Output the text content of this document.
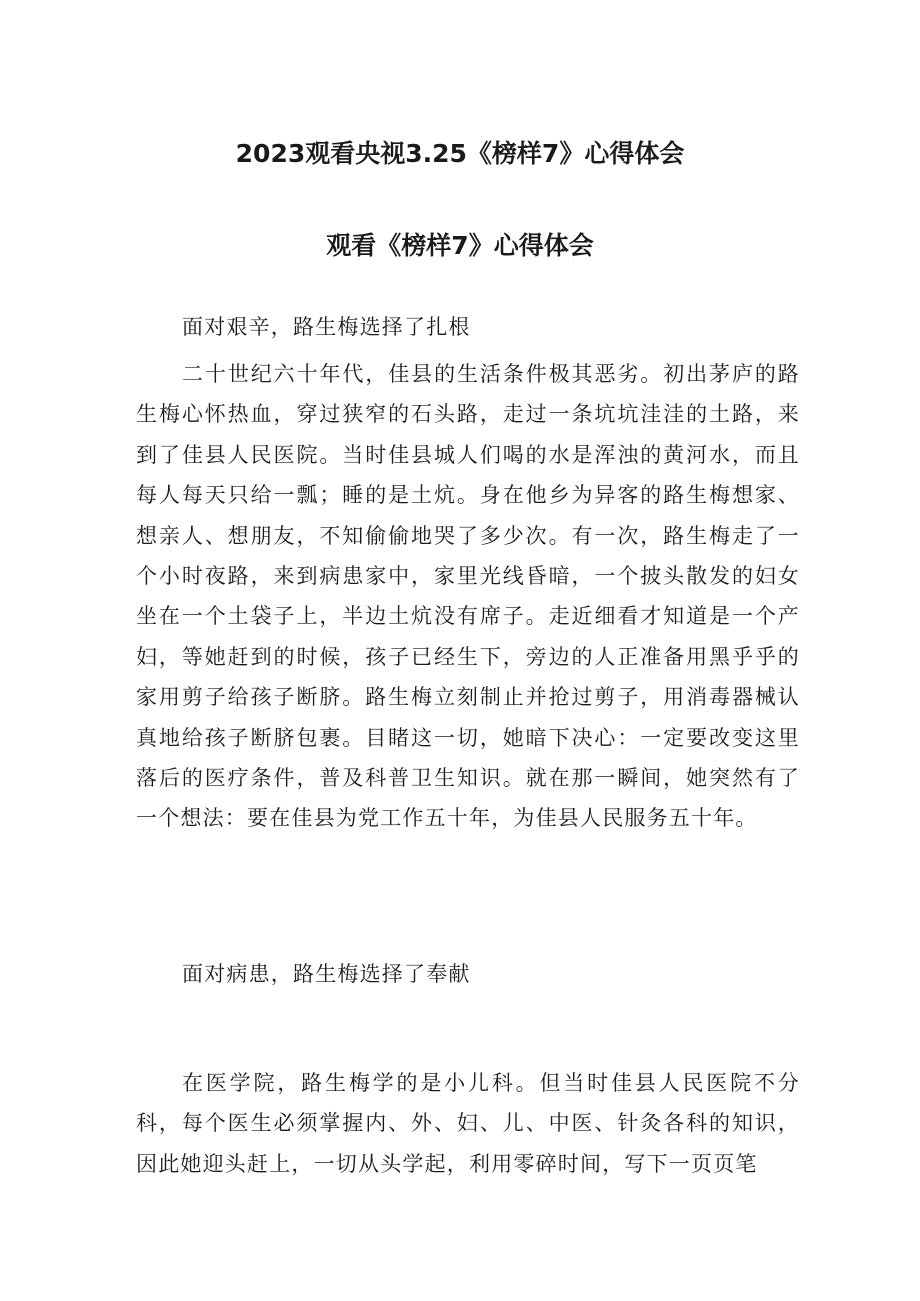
2023观看央视3.25《榜样7》心得体会
观看《榜样7》心得体会

面对艰辛，路生梅选择了扎根

二十世纪六十年代，佳县的生活条件极其恶劣。初出茅庐的路生梅心怀热血，穿过狭窄的石头路，走过一条坑坑洼洼的土路，来到了佳县人民医院。当时佳县城人们喝的水是浑浊的黄河水，而且每人每天只给一瓢；睡的是土炕。身在他乡为异客的路生梅想家、想亲人、想朋友，不知偷偷地哭了多少次。有一次，路生梅走了一个小时夜路，来到病患家中，家里光线昏暗，一个披头散发的妇女坐在一个土袋子上，半边土炕没有席子。走近细看才知道是一个产妇，等她赶到的时候，孩子已经生下，旁边的人正准备用黑乎乎的家用剪子给孩子断脐。路生梅立刻制止并抢过剪子，用消毒器械认真地给孩子断脐包裹。目睹这一切，她暗下决心：一定要改变这里落后的医疗条件，普及科普卫生知识。就在那一瞬间，她突然有了一个想法：要在佳县为党工作五十年，为佳县人民服务五十年。

面对病患，路生梅选择了奉献

在医学院，路生梅学的是小儿科。但当时佳县人民医院不分科，每个医生必须掌握内、外、妇、儿、中医、针灸各科的知识，因此她迎头赶上，一切从头学起，利用零碎时间，写下一页页笔
